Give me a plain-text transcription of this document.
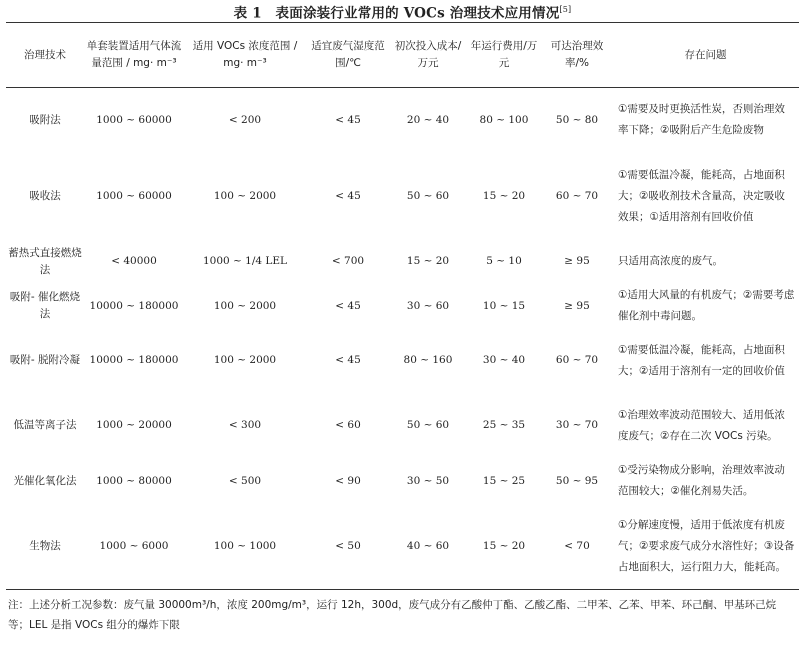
表 1　表面涂装行业常用的 VOCs 治理技术应用情况[5]
治理技术	单套装置适用气体流量范围 / mg· m⁻³	适用 VOCs 浓度范围 / mg· m⁻³	适宜废气湿度范围/℃	初次投入成本/万元	年运行费用/万元	可达治理效率/%	存在问题
吸附法	1000 ~ 60000	< 200	< 45	20 ~ 40	80 ~ 100	50 ~ 80	①需要及时更换活性炭，否则治理效率下降；②吸附后产生危险废物
吸收法	1000 ~ 60000	100 ~ 2000	< 45	50 ~ 60	15 ~ 20	60 ~ 70	①需要低温冷凝，能耗高，占地面积大；②吸收剂技术含量高，决定吸收效果；①适用溶剂有回收价值
蓄热式直接燃烧法	< 40000	1000 ~ 1/4 LEL	< 700	15 ~ 20	5 ~ 10	≥ 95	只适用高浓度的废气。
吸附- 催化燃烧法	10000 ~ 180000	100 ~ 2000	< 45	30 ~ 60	10 ~ 15	≥ 95	①适用大风量的有机废气；②需要考虑催化剂中毒问题。
吸附- 脱附冷凝	10000 ~ 180000	100 ~ 2000	< 45	80 ~ 160	30 ~ 40	60 ~ 70	①需要低温冷凝，能耗高，占地面积大；②适用于溶剂有一定的回收价值
低温等离子法	1000 ~ 20000	< 300	< 60	50 ~ 60	25 ~ 35	30 ~ 70	①治理效率波动范围较大、适用低浓度废气；②存在二次 VOCs 污染。
光催化氧化法	1000 ~ 80000	< 500	< 90	30 ~ 50	15 ~ 25	50 ~ 95	①受污染物成分影响，治理效率波动范围较大；②催化剂易失活。
生物法	1000 ~ 6000	100 ~ 1000	< 50	40 ~ 60	15 ~ 20	< 70	①分解速度慢，适用于低浓度有机废气；②要求废气成分水溶性好；③设备占地面积大，运行阻力大，能耗高。
注：上述分析工况参数：废气量 30000m³/h，浓度 200mg/m³，运行 12h，300d，废气成分有乙酸仲丁酯、乙酸乙酯、二甲苯、乙苯、甲苯、环己酮、甲基环己烷等；LEL 是指 VOCs 组分的爆炸下限
